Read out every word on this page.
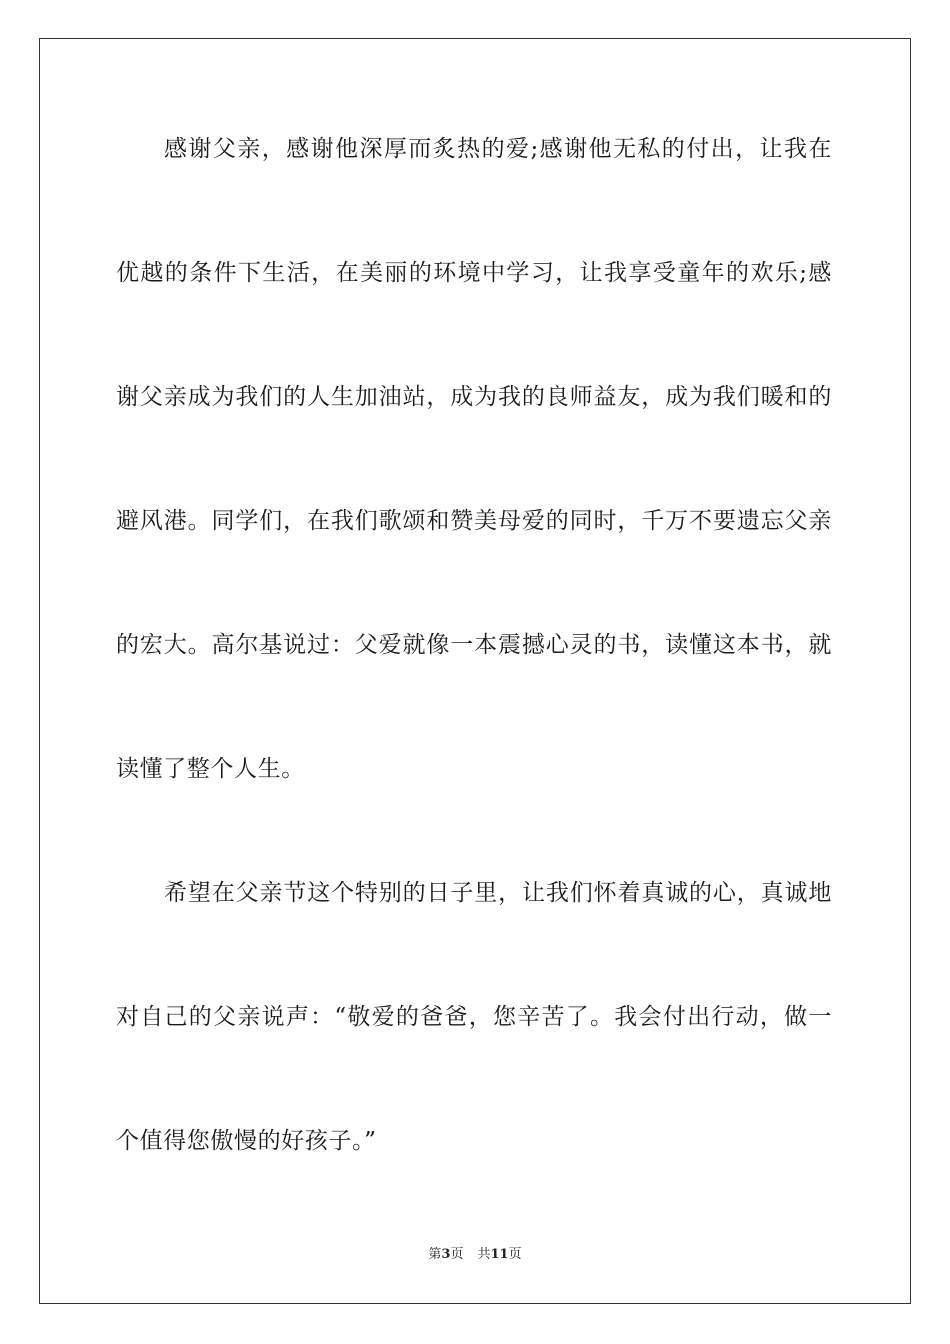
感谢父亲，感谢他深厚而炙热的爱;感谢他无私的付出，让我在
优越的条件下生活，在美丽的环境中学习，让我享受童年的欢乐;感
谢父亲成为我们的人生加油站，成为我的良师益友，成为我们暖和的
避风港。同学们，在我们歌颂和赞美母爱的同时，千万不要遗忘父亲
的宏大。高尔基说过：父爱就像一本震撼心灵的书，读懂这本书，就
读懂了整个人生。
希望在父亲节这个特别的日子里，让我们怀着真诚的心，真诚地
对自己的父亲说声：“敬爱的爸爸，您辛苦了。我会付出行动，做一
个值得您傲慢的好孩子。”
第3页 共11页
